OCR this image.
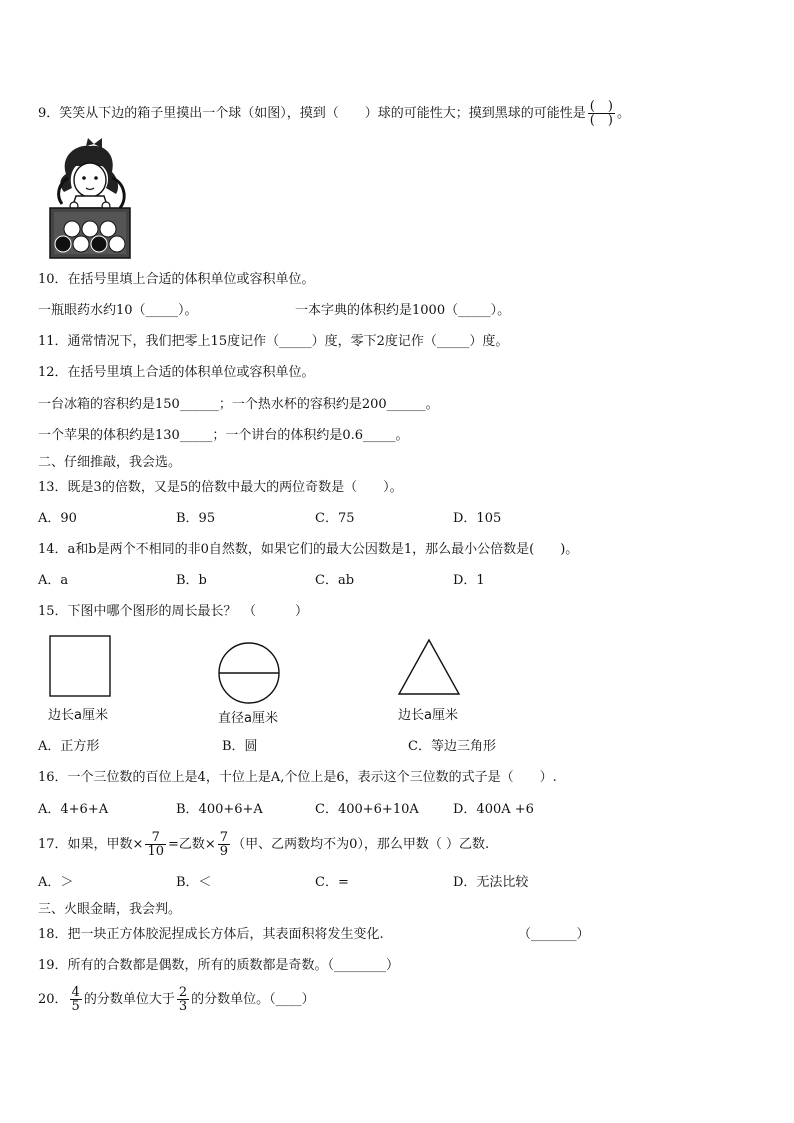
9．笑笑从下边的箱子里摸出一个球（如图），摸到（　　）球的可能性大；摸到黑球的可能性是 $\frac{( )}{( )}$ 。
10．在括号里填上合适的体积单位或容积单位。
一瓶眼药水约10（_____）。	一本字典的体积约是1000（_____）。
11．通常情况下，我们把零上15度记作（_____）度，零下2度记作（_____）度。
12．在括号里填上合适的体积单位或容积单位。
一台冰箱的容积约是150______；一个热水杯的容积约是200______。
一个苹果的体积约是130_____；一个讲台的体积约是0.6_____。
二、仔细推敲，我会选。
13．既是3的倍数，又是5的倍数中最大的两位奇数是（　　）。
A．90	B．95	C．75	D．105
14．a和b是两个不相同的非0自然数，如果它们的最大公因数是1，那么最小公倍数是(　　)。
A．a	B．b	C．ab	D．1
15．下图中哪个图形的周长最长？　（　　　）
边长a厘米	直径a厘米	边长a厘米
A．正方形	B．圆	C．等边三角形
16．一个三位数的百位上是4，十位上是A,个位上是6，表示这个三位数的式子是（　　）.
A．4+6+A	B．400+6+A	C．400+6+10A	D．400A +6
17．如果，甲数× $\frac{7}{10}$ =乙数× $\frac{7}{9}$ （甲、乙两数均不为0），那么甲数（ ）乙数.
A．＞	B．＜	C．=	D．无法比较
三、火眼金睛，我会判。
18．把一块正方体胶泥捏成长方体后，其表面积将发生变化.	（_______）
19．所有的合数都是偶数，所有的质数都是奇数。（________）
20． $\frac{4}{5}$ 的分数单位大于 $\frac{2}{3}$ 的分数单位。（____）
